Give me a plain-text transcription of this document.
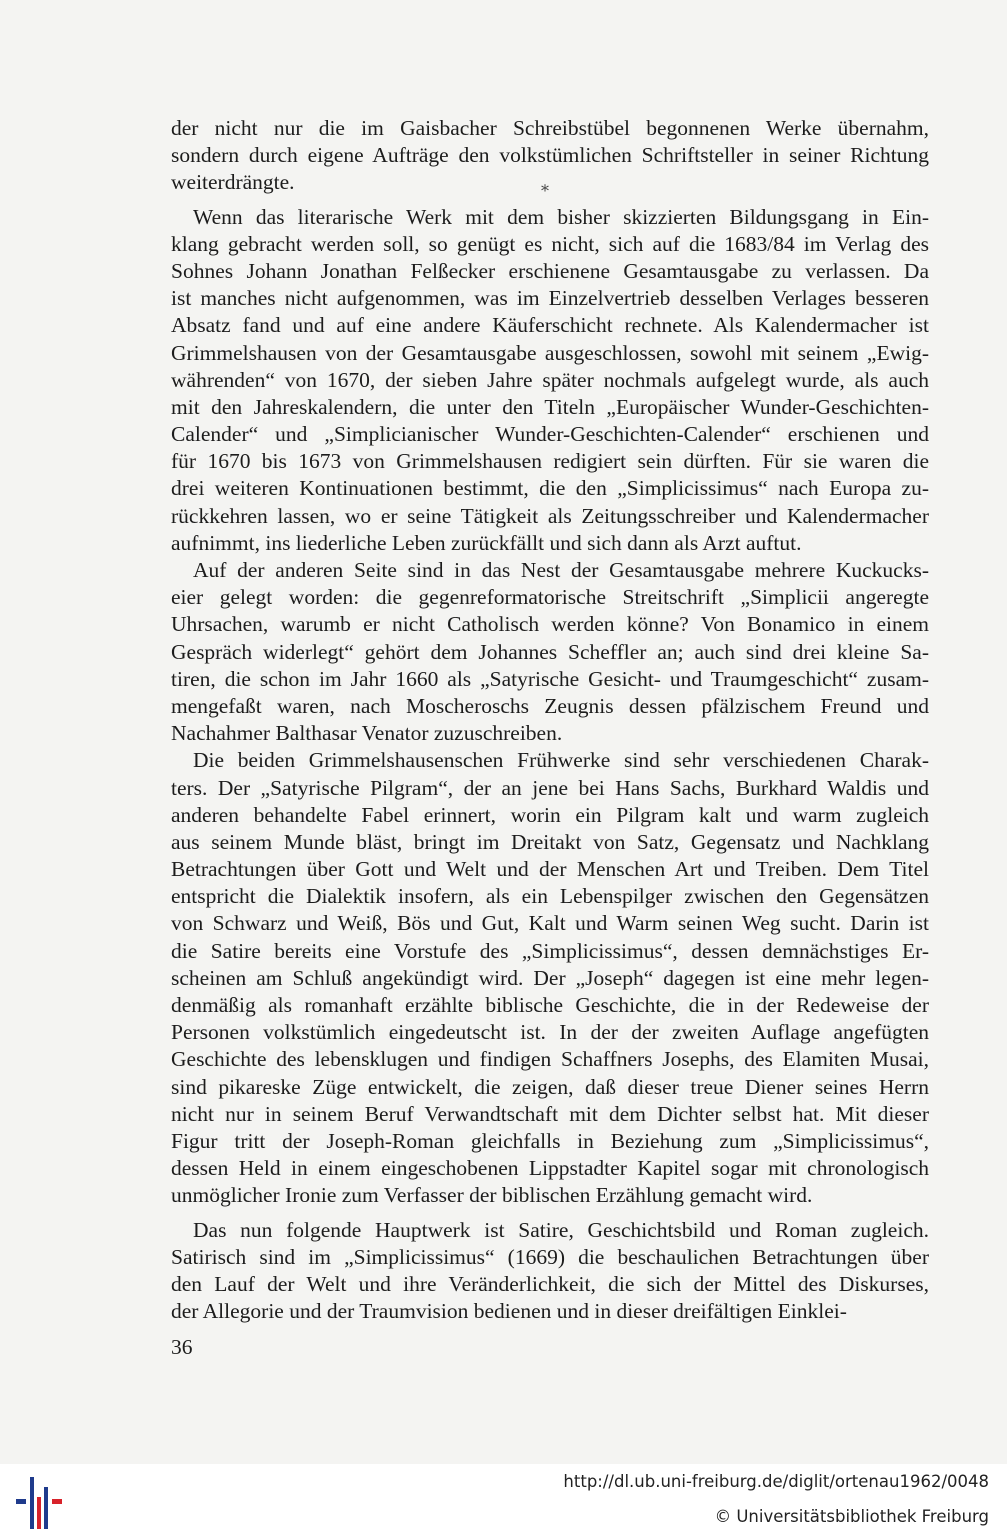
der nicht nur die im Gaisbacher Schreibstübel begonnenen Werke übernahm,
sondern durch eigene Aufträge den volkstümlichen Schriftsteller in seiner Richtung
weiterdrängte.	⁎
Wenn das literarische Werk mit dem bisher skizzierten Bildungsgang in Ein-
klang gebracht werden soll, so genügt es nicht, sich auf die 1683/84 im Verlag des
Sohnes Johann Jonathan Felßecker erschienene Gesamtausgabe zu verlassen. Da
ist manches nicht aufgenommen, was im Einzelvertrieb desselben Verlages besseren
Absatz fand und auf eine andere Käuferschicht rechnete. Als Kalendermacher ist
Grimmelshausen von der Gesamtausgabe ausgeschlossen, sowohl mit seinem „Ewig-
währenden“ von 1670, der sieben Jahre später nochmals aufgelegt wurde, als auch
mit den Jahreskalendern, die unter den Titeln „Europäischer Wunder-Geschichten-
Calender“ und „Simplicianischer Wunder-Geschichten-Calender“ erschienen und
für 1670 bis 1673 von Grimmelshausen redigiert sein dürften. Für sie waren die
drei weiteren Kontinuationen bestimmt, die den „Simplicissimus“ nach Europa zu-
rückkehren lassen, wo er seine Tätigkeit als Zeitungsschreiber und Kalendermacher
aufnimmt, ins liederliche Leben zurückfällt und sich dann als Arzt auftut.
Auf der anderen Seite sind in das Nest der Gesamtausgabe mehrere Kuckucks-
eier gelegt worden: die gegenreformatorische Streitschrift „Simplicii angeregte
Uhrsachen, warumb er nicht Catholisch werden könne? Von Bonamico in einem
Gespräch widerlegt“ gehört dem Johannes Scheffler an; auch sind drei kleine Sa-
tiren, die schon im Jahr 1660 als „Satyrische Gesicht- und Traumgeschicht“ zusam-
mengefaßt waren, nach Moscheroschs Zeugnis dessen pfälzischem Freund und
Nachahmer Balthasar Venator zuzuschreiben.
Die beiden Grimmelshausenschen Frühwerke sind sehr verschiedenen Charak-
ters. Der „Satyrische Pilgram“, der an jene bei Hans Sachs, Burkhard Waldis und
anderen behandelte Fabel erinnert, worin ein Pilgram kalt und warm zugleich
aus seinem Munde bläst, bringt im Dreitakt von Satz, Gegensatz und Nachklang
Betrachtungen über Gott und Welt und der Menschen Art und Treiben. Dem Titel
entspricht die Dialektik insofern, als ein Lebenspilger zwischen den Gegensätzen
von Schwarz und Weiß, Bös und Gut, Kalt und Warm seinen Weg sucht. Darin ist
die Satire bereits eine Vorstufe des „Simplicissimus“, dessen demnächstiges Er-
scheinen am Schluß angekündigt wird. Der „Joseph“ dagegen ist eine mehr legen-
denmäßig als romanhaft erzählte biblische Geschichte, die in der Redeweise der
Personen volkstümlich eingedeutscht ist. In der der zweiten Auflage angefügten
Geschichte des lebensklugen und findigen Schaffners Josephs, des Elamiten Musai,
sind pikareske Züge entwickelt, die zeigen, daß dieser treue Diener seines Herrn
nicht nur in seinem Beruf Verwandtschaft mit dem Dichter selbst hat. Mit dieser
Figur tritt der Joseph-Roman gleichfalls in Beziehung zum „Simplicissimus“,
dessen Held in einem eingeschobenen Lippstadter Kapitel sogar mit chronologisch
unmöglicher Ironie zum Verfasser der biblischen Erzählung gemacht wird.
Das nun folgende Hauptwerk ist Satire, Geschichtsbild und Roman zugleich.
Satirisch sind im „Simplicissimus“ (1669) die beschaulichen Betrachtungen über
den Lauf der Welt und ihre Veränderlichkeit, die sich der Mittel des Diskurses,
der Allegorie und der Traumvision bedienen und in dieser dreifältigen Einklei-
36
http://dl.ub.uni-freiburg.de/diglit/ortenau1962/0048
© Universitätsbibliothek Freiburg
